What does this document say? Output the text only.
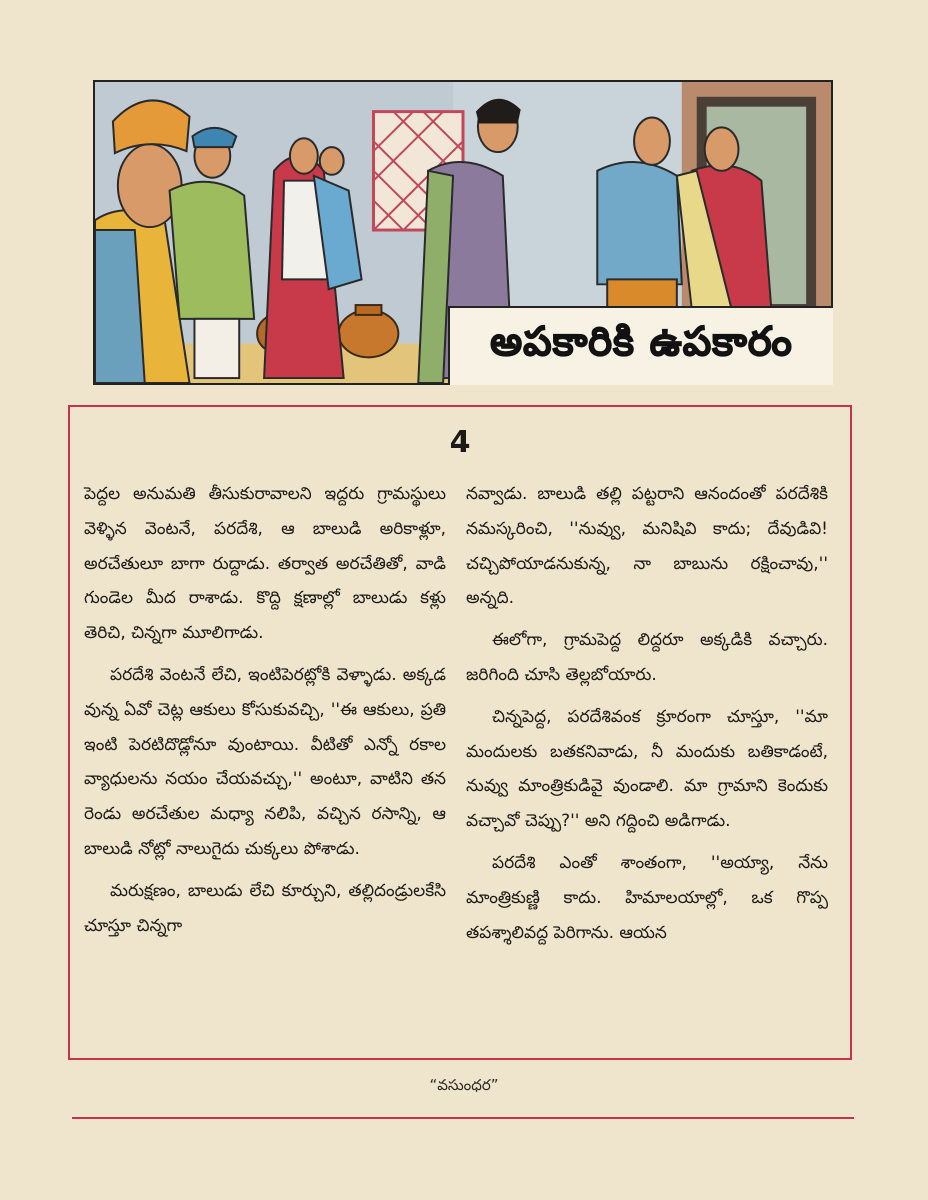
అపకారికి ఉపకారం
4

పెద్దల అనుమతి తీసుకురావాలని ఇద్దరు గ్రామస్థులు వెళ్ళిన వెంటనే, పరదేశి, ఆ బాలుడి అరికాళ్లూ, అరచేతులూ బాగా రుద్దాడు. తర్వాత అరచేతితో, వాడి గుండెల మీద రాశాడు. కొద్ది క్షణాల్లో బాలుడు కళ్లు తెరిచి, చిన్నగా మూలిగాడు.

పరదేశి వెంటనే లేచి, ఇంటిపెరట్లోకి వెళ్ళాడు. అక్కడ వున్న ఏవో చెట్ల ఆకులు కోసుకువచ్చి, ''ఈ ఆకులు, ప్రతి ఇంటి పెరటిదొడ్లోనూ వుంటాయి. వీటితో ఎన్నో రకాల వ్యాధులను నయం చేయవచ్చు,'' అంటూ, వాటిని తన రెండు అరచేతుల మధ్యా నలిపి, వచ్చిన రసాన్ని, ఆ బాలుడి నోట్లో నాలుగైదు చుక్కలు పోశాడు.

మరుక్షణం, బాలుడు లేచి కూర్చుని, తల్లిదండ్రులకేసి చూస్తూ చిన్నగా

నవ్వాడు. బాలుడి తల్లి పట్టరాని ఆనందంతో పరదేశికి నమస్కరించి, ''నువ్వు, మనిషివి కాదు; దేవుడివి! చచ్చిపోయాడనుకున్న, నా బాబును రక్షించావు,'' అన్నది.

ఈలోగా, గ్రామపెద్ద లిద్దరూ అక్కడికి వచ్చారు. జరిగింది చూసి తెల్లబోయారు.

చిన్నపెద్ద, పరదేశివంక క్రూరంగా చూస్తూ, ''మా మందులకు బతకనివాడు, నీ మందుకు బతికాడంటే, నువ్వు మాంత్రికుడివై వుండాలి. మా గ్రామాని కెందుకు వచ్చావో చెప్పు?'' అని గద్దించి అడిగాడు.

పరదేశి ఎంతో శాంతంగా, ''అయ్యా, నేను మాంత్రికుణ్ణి కాదు. హిమాలయాల్లో, ఒక గొప్ప తపశ్శాలివద్ద పెరిగాను. ఆయన

“వసుంధర”
